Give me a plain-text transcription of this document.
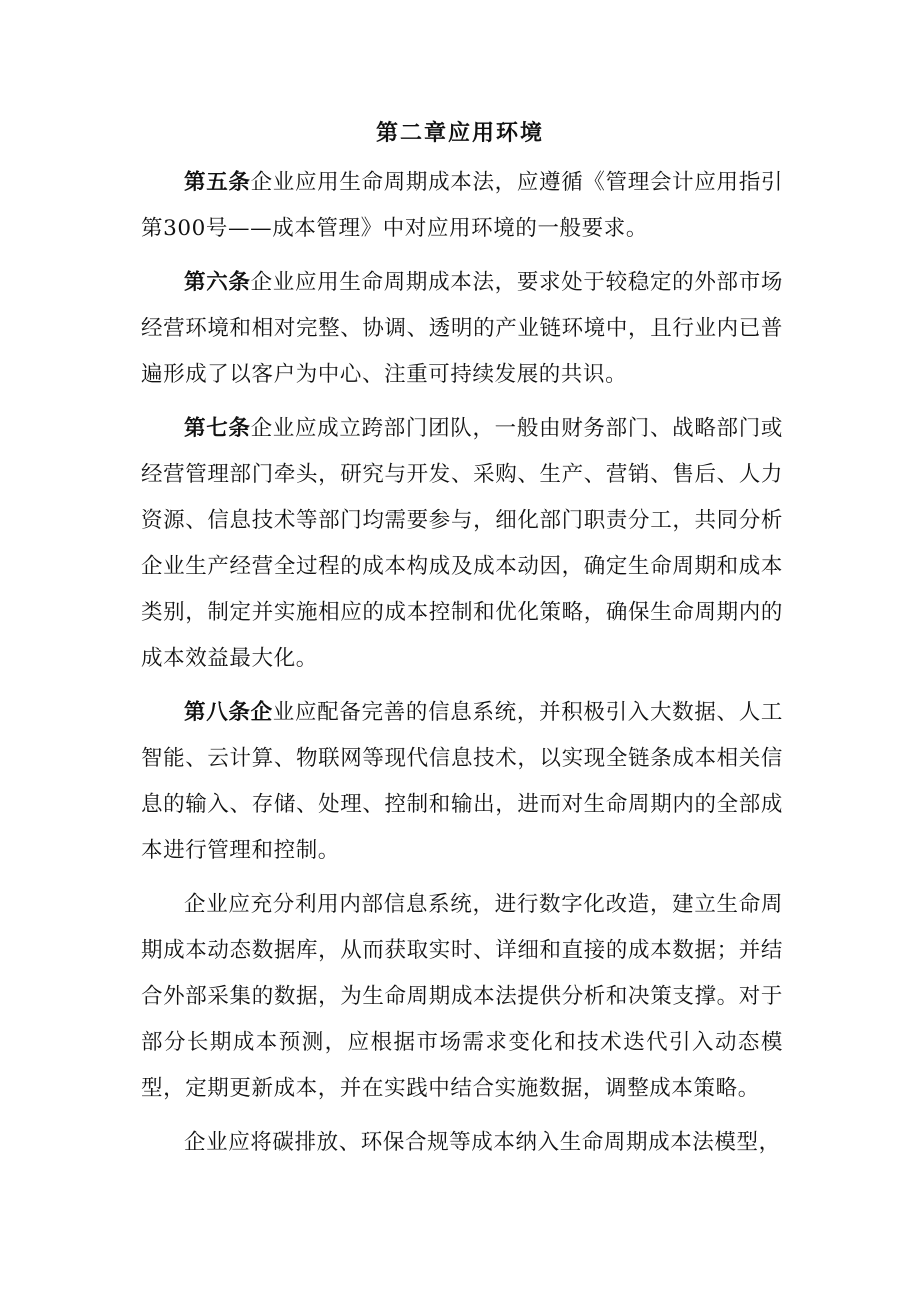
第二章应用环境

第五条企业应用生命周期成本法，应遵循《管理会计应用指引第300号——成本管理》中对应用环境的一般要求。

第六条企业应用生命周期成本法，要求处于较稳定的外部市场经营环境和相对完整、协调、透明的产业链环境中，且行业内已普遍形成了以客户为中心、注重可持续发展的共识。

第七条企业应成立跨部门团队，一般由财务部门、战略部门或经营管理部门牵头，研究与开发、采购、生产、营销、售后、人力资源、信息技术等部门均需要参与，细化部门职责分工，共同分析企业生产经营全过程的成本构成及成本动因，确定生命周期和成本类别，制定并实施相应的成本控制和优化策略，确保生命周期内的成本效益最大化。

第八条企业应配备完善的信息系统，并积极引入大数据、人工智能、云计算、物联网等现代信息技术，以实现全链条成本相关信息的输入、存储、处理、控制和输出，进而对生命周期内的全部成本进行管理和控制。

企业应充分利用内部信息系统，进行数字化改造，建立生命周期成本动态数据库，从而获取实时、详细和直接的成本数据；并结合外部采集的数据，为生命周期成本法提供分析和决策支撑。对于部分长期成本预测，应根据市场需求变化和技术迭代引入动态模型，定期更新成本，并在实践中结合实施数据，调整成本策略。

企业应将碳排放、环保合规等成本纳入生命周期成本法模型，
